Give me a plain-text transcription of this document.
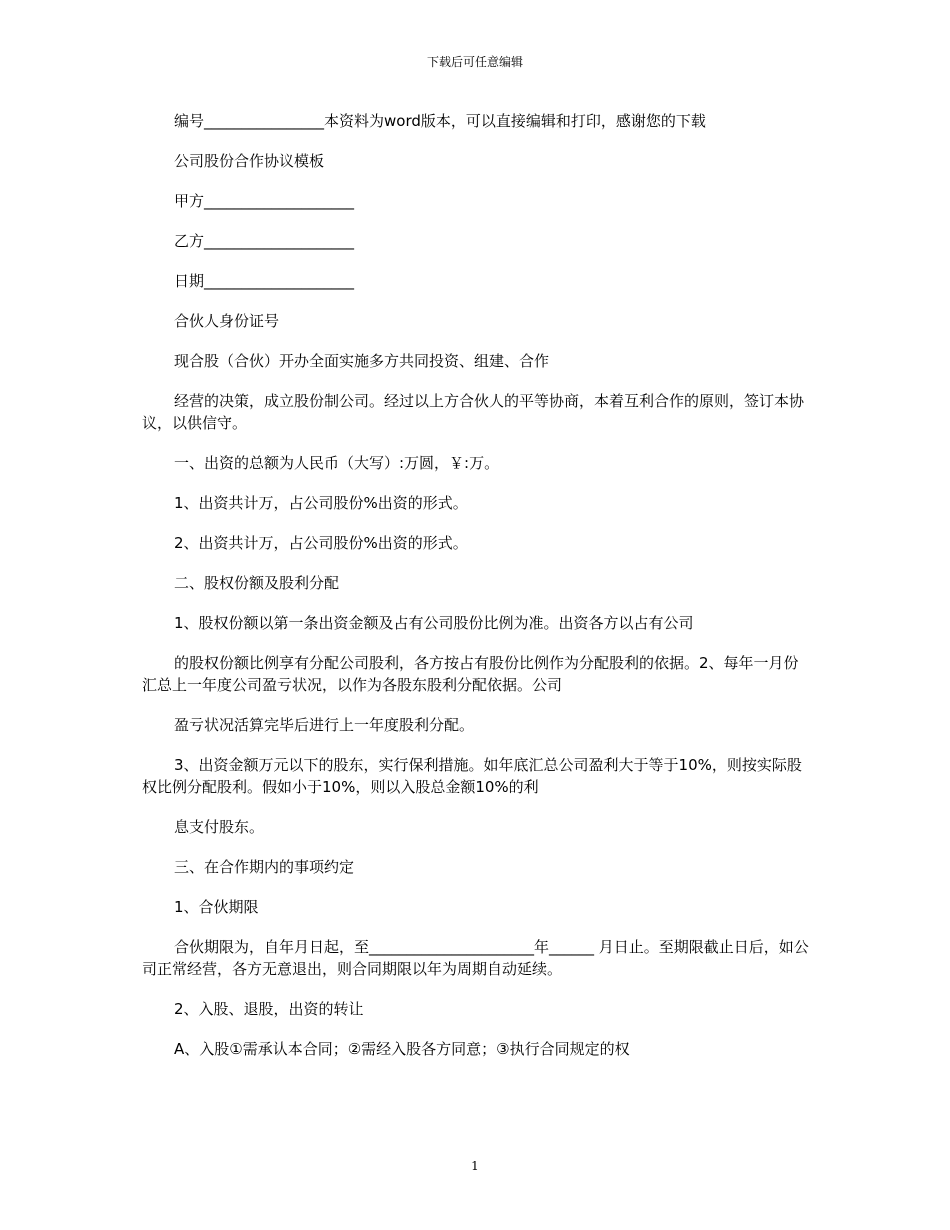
下载后可任意编辑

编号________________本资料为word版本，可以直接编辑和打印，感谢您的下载

公司股份合作协议模板

甲方____________________

乙方____________________

日期____________________

合伙人身份证号

现合股（合伙）开办全面实施多方共同投资、组建、合作

经营的决策，成立股份制公司。经过以上方合伙人的平等协商，本着互利合作的原则，签订本协议，以供信守。

一、出资的总额为人民币（大写）:万圆，￥:万。

1、出资共计万，占公司股份%出资的形式。

2、出资共计万，占公司股份%出资的形式。

二、股权份额及股利分配

1、股权份额以第一条出资金额及占有公司股份比例为准。出资各方以占有公司

的股权份额比例享有分配公司股利，各方按占有股份比例作为分配股利的依据。2、每年一月份汇总上一年度公司盈亏状况，以作为各股东股利分配依据。公司

盈亏状况活算完毕后进行上一年度股利分配。

3、出资金额万元以下的股东，实行保利措施。如年底汇总公司盈利大于等于10%，则按实际股权比例分配股利。假如小于10%，则以入股总金额10%的利

息支付股东。

三、在合作期内的事项约定

1、合伙期限

合伙期限为，自年月日起，至______________________年______ 月日止。至期限截止日后，如公司正常经营，各方无意退出，则合同期限以年为周期自动延续。

2、入股、退股，出资的转让

A、入股①需承认本合同；②需经入股各方同意；③执行合同规定的权

1
